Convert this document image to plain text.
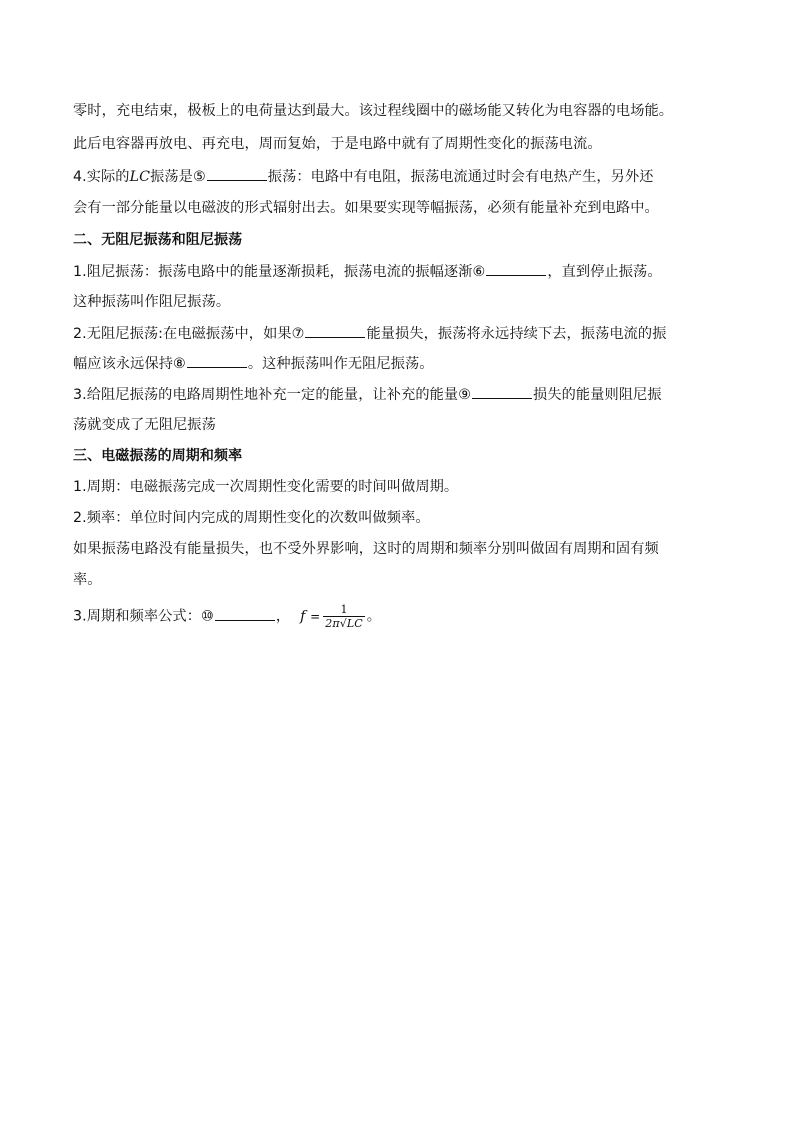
零时，充电结束，极板上的电荷量达到最大。该过程线圈中的磁场能又转化为电容器的电场能。
此后电容器再放电、再充电，周而复始，于是电路中就有了周期性变化的振荡电流。
4.实际的LC振荡是⑤	振荡：电路中有电阻，振荡电流通过时会有电热产生，另外还
会有一部分能量以电磁波的形式辐射出去。如果要实现等幅振荡，必须有能量补充到电路中。
二、无阻尼振荡和阻尼振荡
1.阻尼振荡：振荡电路中的能量逐渐损耗，振荡电流的振幅逐渐⑥	，直到停止振荡。
这种振荡叫作阻尼振荡。
2.无阻尼振荡:在电磁振荡中，如果⑦	能量损失，振荡将永远持续下去，振荡电流的振
幅应该永远保持⑧	。这种振荡叫作无阻尼振荡。
3.给阻尼振荡的电路周期性地补充一定的能量，让补充的能量⑨	损失的能量则阻尼振
荡就变成了无阻尼振荡
三、电磁振荡的周期和频率
1.周期：电磁振荡完成一次周期性变化需要的时间叫做周期。
2.频率：单位时间内完成的周期性变化的次数叫做频率。
如果振荡电路没有能量损失，也不受外界影响，这时的周期和频率分别叫做固有周期和固有频
率。
3.周期和频率公式：⑩	， $f = \frac{1}{2\pi√LC}$ 。
